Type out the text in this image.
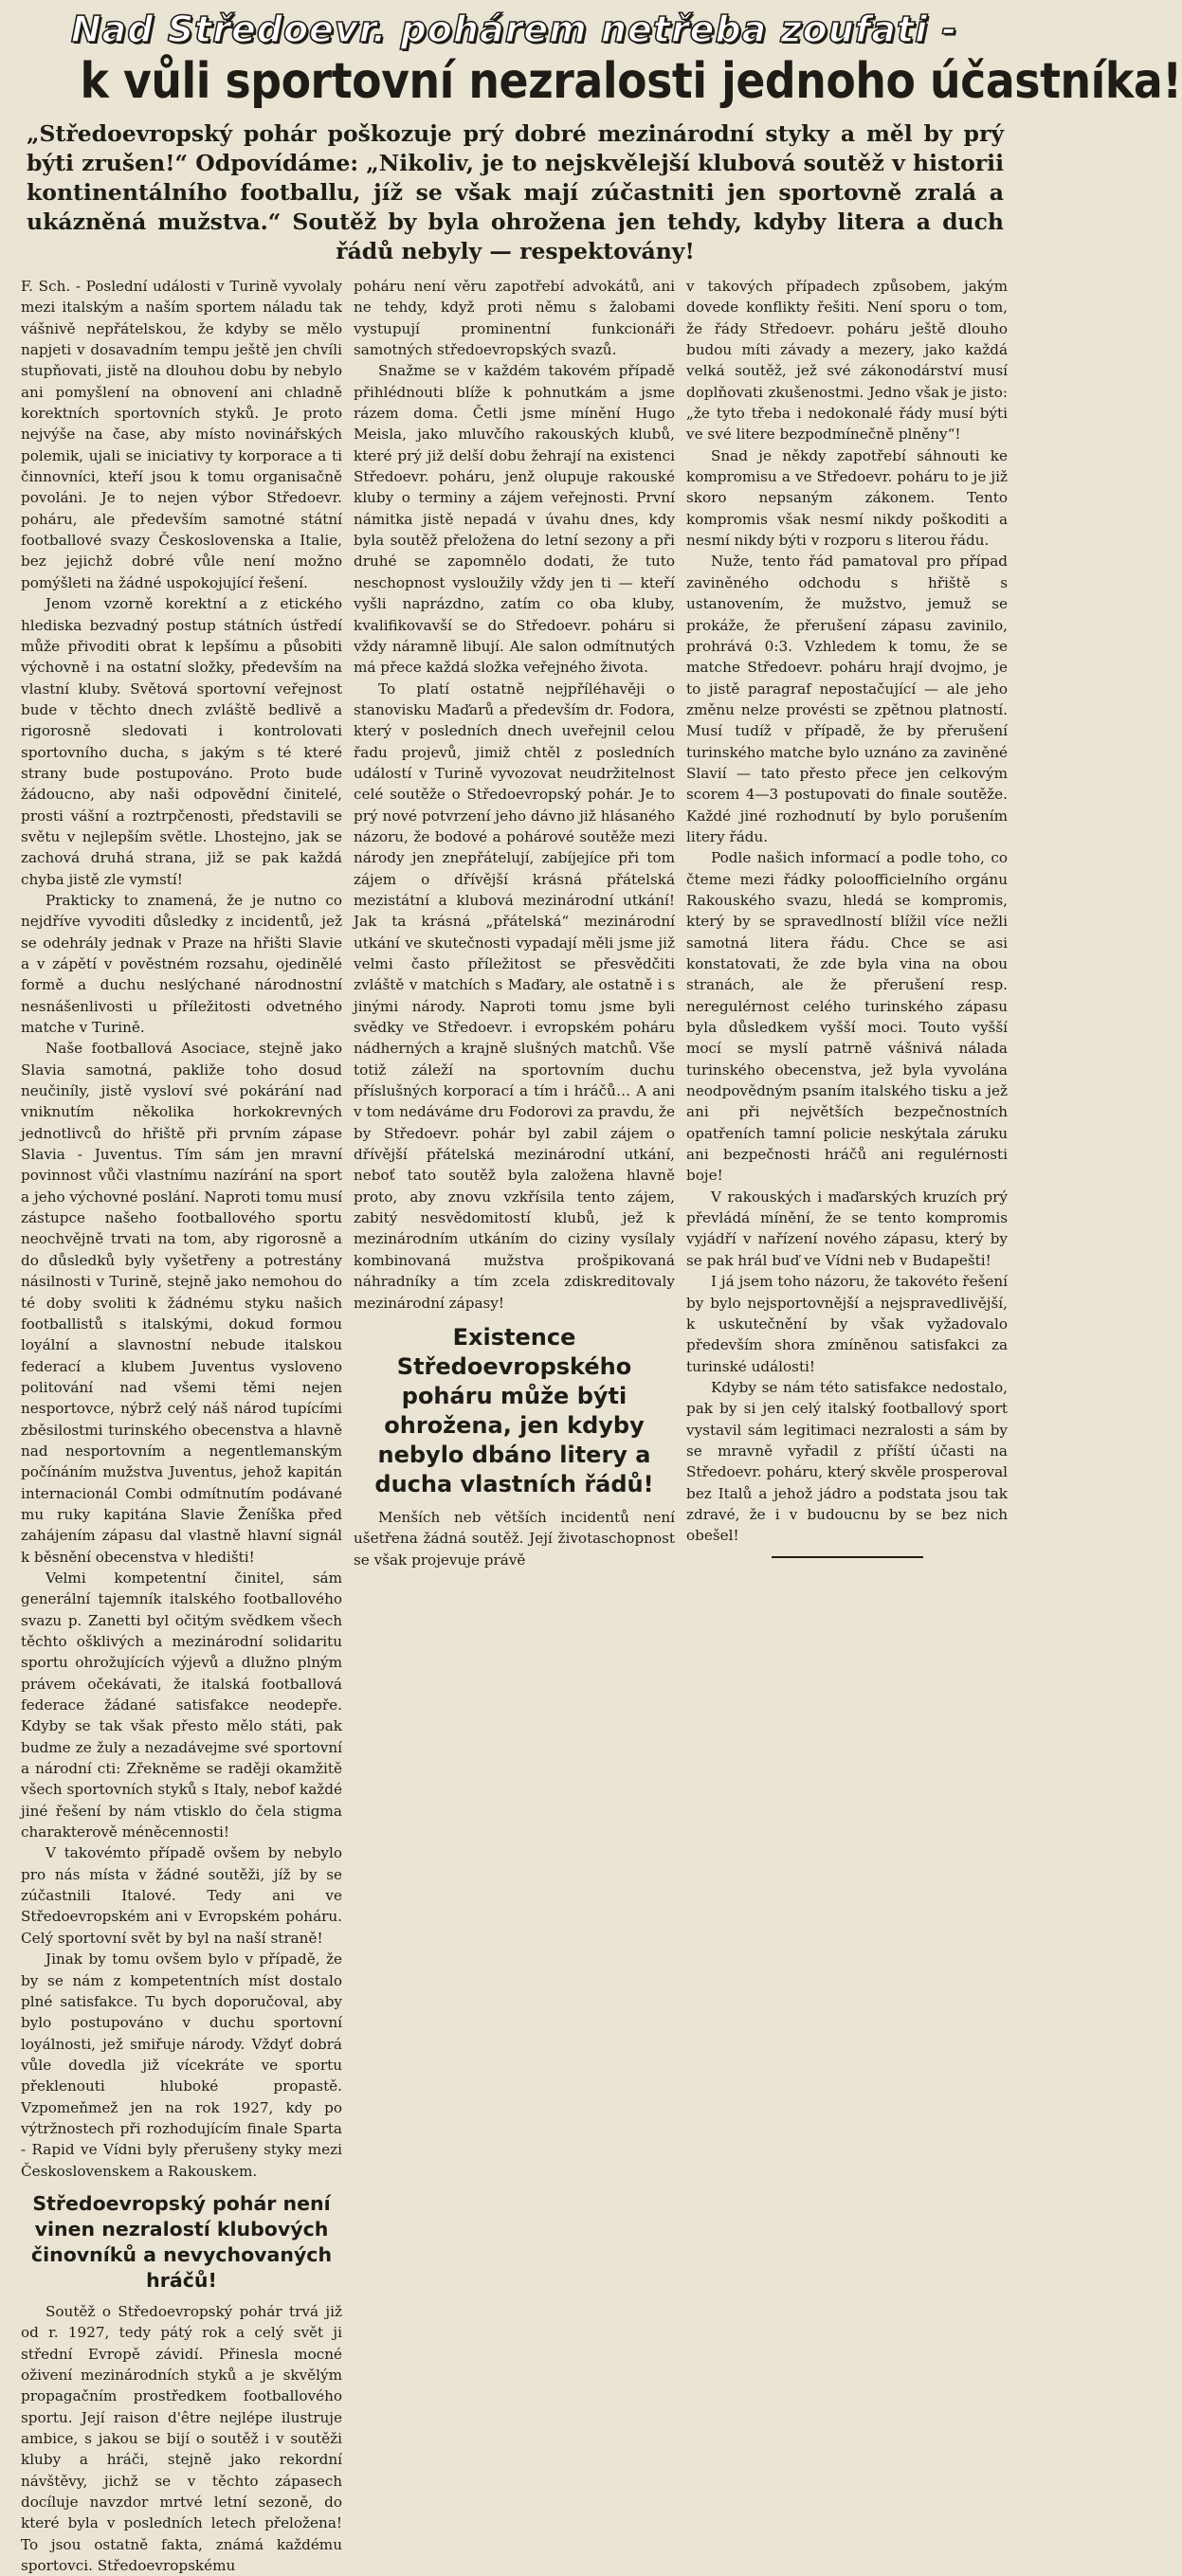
Nad Středoevr. pohárem netřeba zoufati -
k vůli sportovní nezralosti jednoho účastníka!
„Středoevropský pohár poškozuje prý dobré mezinárodní styky a měl by prý býti zrušen!“ Odpovídáme: „Nikoliv, je to nejskvělejší klubová soutěž v historii kontinentálního footballu, jíž se však mají zúčastniti jen sportovně zralá a ukázněná mužstva.“ Soutěž by byla ohrožena jen tehdy, kdyby litera a duch řádů nebyly — respektovány!

F. Sch. - Poslední události v Turině vyvolaly mezi italským a naším sportem náladu tak vášnivě nepřátelskou, že kdyby se mělo napjeti v dosavadním tempu ještě jen chvíli stupňovati, jistě na dlouhou dobu by nebylo ani pomyšlení na obnovení ani chladně korektních sportovních styků. Je proto nejvýše na čase, aby místo novinářských polemik, ujali se iniciativy ty korporace a ti činnovníci, kteří jsou k tomu organisačně povoláni. Je to nejen výbor Středoevr. poháru, ale především samotné státní footballové svazy Československa a Italie, bez jejichž dobré vůle není možno pomýšleti na žádné uspokojující řešení.

Jenom vzorně korektní a z etického hlediska bezvadný postup státních ústředí může přivoditi obrat k lepšímu a působiti výchovně i na ostatní složky, především na vlastní kluby. Světová sportovní veřejnost bude v těchto dnech zvláště bedlivě a rigorosně sledovati i kontrolovati sportovního ducha, s jakým s té které strany bude postupováno. Proto bude žádoucno, aby naši odpovědní činitelé, prosti vášní a roztrpčenosti, představili se světu v nejlepším světle. Lhostejno, jak se zachová druhá strana, již se pak každá chyba jistě zle vymstí!

Prakticky to znamená, že je nutno co nejdříve vyvoditi důsledky z incidentů, jež se odehrály jednak v Praze na hřišti Slavie a v zápětí v pověstném rozsahu, ojedinělé formě a duchu neslýchané národnostní nesnášenlivosti u příležitosti odvetného matche v Turině.

Naše footballová Asociace, stejně jako Slavia samotná, pakliže toho dosud neučiníly, jistě vysloví své pokárání nad vniknutím několika horkokrevných jednotlivců do hřiště při prvním zápase Slavia - Juventus. Tím sám jen mravní povinnost vůči vlastnímu nazírání na sport a jeho výchovné poslání. Naproti tomu musí zástupce našeho footballového sportu neochvějně trvati na tom, aby rigorosně a do důsledků byly vyšetřeny a potrestány násilnosti v Turině, stejně jako nemohou do té doby svoliti k žádnému styku našich footballistů s italskými, dokud formou loyální a slavnostní nebude italskou federací a klubem Juventus vysloveno politování nad všemi těmi nejen nesportovce, nýbrž celý náš národ tupícími zběsilostmi turinského obecenstva a hlavně nad nesportovním a negentlemanským počínáním mužstva Juventus, jehož kapitán internacionál Combi odmítnutím podávané mu ruky kapitána Slavie Ženíška před zahájením zápasu dal vlastně hlavní signál k běsnění obecenstva v hledišti!

Velmi kompetentní činitel, sám generální tajemník italského footballového svazu p. Zanetti byl očitým svědkem všech těchto ošklivých a mezinárodní solidaritu sportu ohrožujících výjevů a dlužno plným právem očekávati, že italská footballová federace žádané satisfakce neodepře. Kdyby se tak však přesto mělo státi, pak budme ze žuly a nezadávejme své sportovní a národní cti: Zřekněme se raději okamžitě všech sportovních styků s Italy, nebof každé jiné řešení by nám vtisklo do čela stigma charakterově méněcennosti!

V takovémto případě ovšem by nebylo pro nás místa v žádné soutěži, jíž by se zúčastnili Italové. Tedy ani ve Středoevropském ani v Evropském poháru. Celý sportovní svět by byl na naší straně!

Jinak by tomu ovšem bylo v případě, že by se nám z kompetentních míst dostalo plné satisfakce. Tu bych doporučoval, aby bylo postupováno v duchu sportovní loyálnosti, jež smiřuje národy. Vždyť dobrá vůle dovedla již vícekráte ve sportu překlenouti hluboké propastě. Vzpomeňmež jen na rok 1927, kdy po výtržnostech při rozhodujícím finale Sparta - Rapid ve Vídni byly přerušeny styky mezi Československem a Rakouskem.

Středoevropský pohár není vinen nezralostí klubových činovníků a nevychovaných hráčů!

Soutěž o Středoevropský pohár trvá již od r. 1927, tedy pátý rok a celý svět ji střední Evropě závidí. Přinesla mocné oživení mezinárodních styků a je skvělým propagačním prostředkem footballového sportu. Její raison d'être nejlépe ilustruje ambice, s jakou se bijí o soutěž i v soutěži kluby a hráči, stejně jako rekordní návštěvy, jichž se v těchto zápasech docíluje navzdor mrtvé letní sezoně, do které byla v posledních letech přeložena! To jsou ostatně fakta, známá každému sportovci. Středoevropskému

poháru není věru zapotřebí advokátů, ani ne tehdy, když proti němu s žalobami vystupují prominentní funkcionáři samotných středoevropských svazů.

Snažme se v každém takovém případě přihlédnouti blíže k pohnutkám a jsme rázem doma. Četli jsme mínění Hugo Meisla, jako mluvčího rakouských klubů, které prý již delší dobu žehrají na existenci Středoevr. poháru, jenž olupuje rakouské kluby o terminy a zájem veřejnosti. První námitka jistě nepadá v úvahu dnes, kdy byla soutěž přeložena do letní sezony a při druhé se zapomnělo dodati, že tuto neschopnost vysloužily vždy jen ti — kteří vyšli naprázdno, zatím co oba kluby, kvalifikovavší se do Středoevr. poháru si vždy náramně libují. Ale salon odmítnutých má přece každá složka veřejného života.

To platí ostatně nejpříléhavěji o stanovisku Maďarů a především dr. Fodora, který v posledních dnech uveřejnil celou řadu projevů, jimiž chtěl z posledních událostí v Turině vyvozovat neudržitelnost celé soutěže o Středoevropský pohár. Je to prý nové potvrzení jeho dávno již hlásaného názoru, že bodové a pohárové soutěže mezi národy jen znepřátelují, zabíjejíce při tom zájem o dřívější krásná přátelská mezistátní a klubová mezinárodní utkání! Jak ta krásná „přátelská“ mezinárodní utkání ve skutečnosti vypadají měli jsme již velmi často příležitost se přesvědčiti zvláště v matchích s Maďary, ale ostatně i s jinými národy. Naproti tomu jsme byli svědky ve Středoevr. i evropském poháru nádherných a krajně slušných matchů. Vše totiž záleží na sportovním duchu příslušných korporací a tím i hráčů… A ani v tom nedáváme dru Fodorovi za pravdu, že by Středoevr. pohár byl zabil zájem o dřívější přátelská mezinárodní utkání, neboť tato soutěž byla založena hlavně proto, aby znovu vzkřísila tento zájem, zabitý nesvědomitostí klubů, jež k mezinárodním utkáním do ciziny vysílaly kombinovaná mužstva prošpikovaná náhradníky a tím zcela zdiskreditovaly mezinárodní zápasy!

Existence Středoevropského poháru může býti ohrožena, jen kdyby nebylo dbáno litery a ducha vlastních řádů!

Menších neb větších incidentů není ušetřena žádná soutěž. Její životaschopnost se však projevuje právě

v takových případech způsobem, jakým dovede konflikty řešiti. Není sporu o tom, že řády Středoevr. poháru ještě dlouho budou míti závady a mezery, jako každá velká soutěž, jež své zákonodárství musí doplňovati zkušenostmi. Jedno však je jisto: „že tyto třeba i nedokonalé řády musí býti ve své litere bezpodmínečně plněny“!

Snad je někdy zapotřebí sáhnouti ke kompromisu a ve Středoevr. poháru to je již skoro nepsaným zákonem. Tento kompromis však nesmí nikdy poškoditi a nesmí nikdy býti v rozporu s literou řádu.

Nuže, tento řád pamatoval pro případ zaviněného odchodu s hřiště s ustanovením, že mužstvo, jemuž se prokáže, že přerušení zápasu zavinilo, prohrává 0:3. Vzhledem k tomu, že se matche Středoevr. poháru hrají dvojmo, je to jistě paragraf nepostačující — ale jeho změnu nelze provésti se zpětnou platností. Musí tudíž v případě, že by přerušení turinského matche bylo uznáno za zaviněné Slavií — tato přesto přece jen celkovým scorem 4—3 postupovati do finale soutěže. Každé jiné rozhodnutí by bylo porušením litery řádu.

Podle našich informací a podle toho, co čteme mezi řádky poloofficielního orgánu Rakouského svazu, hledá se kompromis, který by se spravedlností blížil více nežli samotná litera řádu. Chce se asi konstatovati, že zde byla vina na obou stranách, ale že přerušení resp. neregulérnost celého turinského zápasu byla důsledkem vyšší moci. Touto vyšší mocí se myslí patrně vášnivá nálada turinského obecenstva, jež byla vyvolána neodpovědným psaním italského tisku a jež ani při největších bezpečnostních opatřeních tamní policie neskýtala záruku ani bezpečnosti hráčů ani regulérnosti boje!

V rakouských i maďarských kruzích prý převládá mínění, že se tento kompromis vyjádří v nařízení nového zápasu, který by se pak hrál buď ve Vídni neb v Budapešti!

I já jsem toho názoru, že takovéto řešení by bylo nejsportovnější a nejspravedlivější, k uskutečnění by však vyžadovalo především shora zmíněnou satisfakci za turinské události!

Kdyby se nám této satisfakce nedostalo, pak by si jen celý italský footballový sport vystavil sám legitimaci nezralosti a sám by se mravně vyřadil z příští účasti na Středoevr. poháru, který skvěle prosperoval bez Italů a jehož jádro a podstata jsou tak zdravé, že i v budoucnu by se bez nich obešel!
